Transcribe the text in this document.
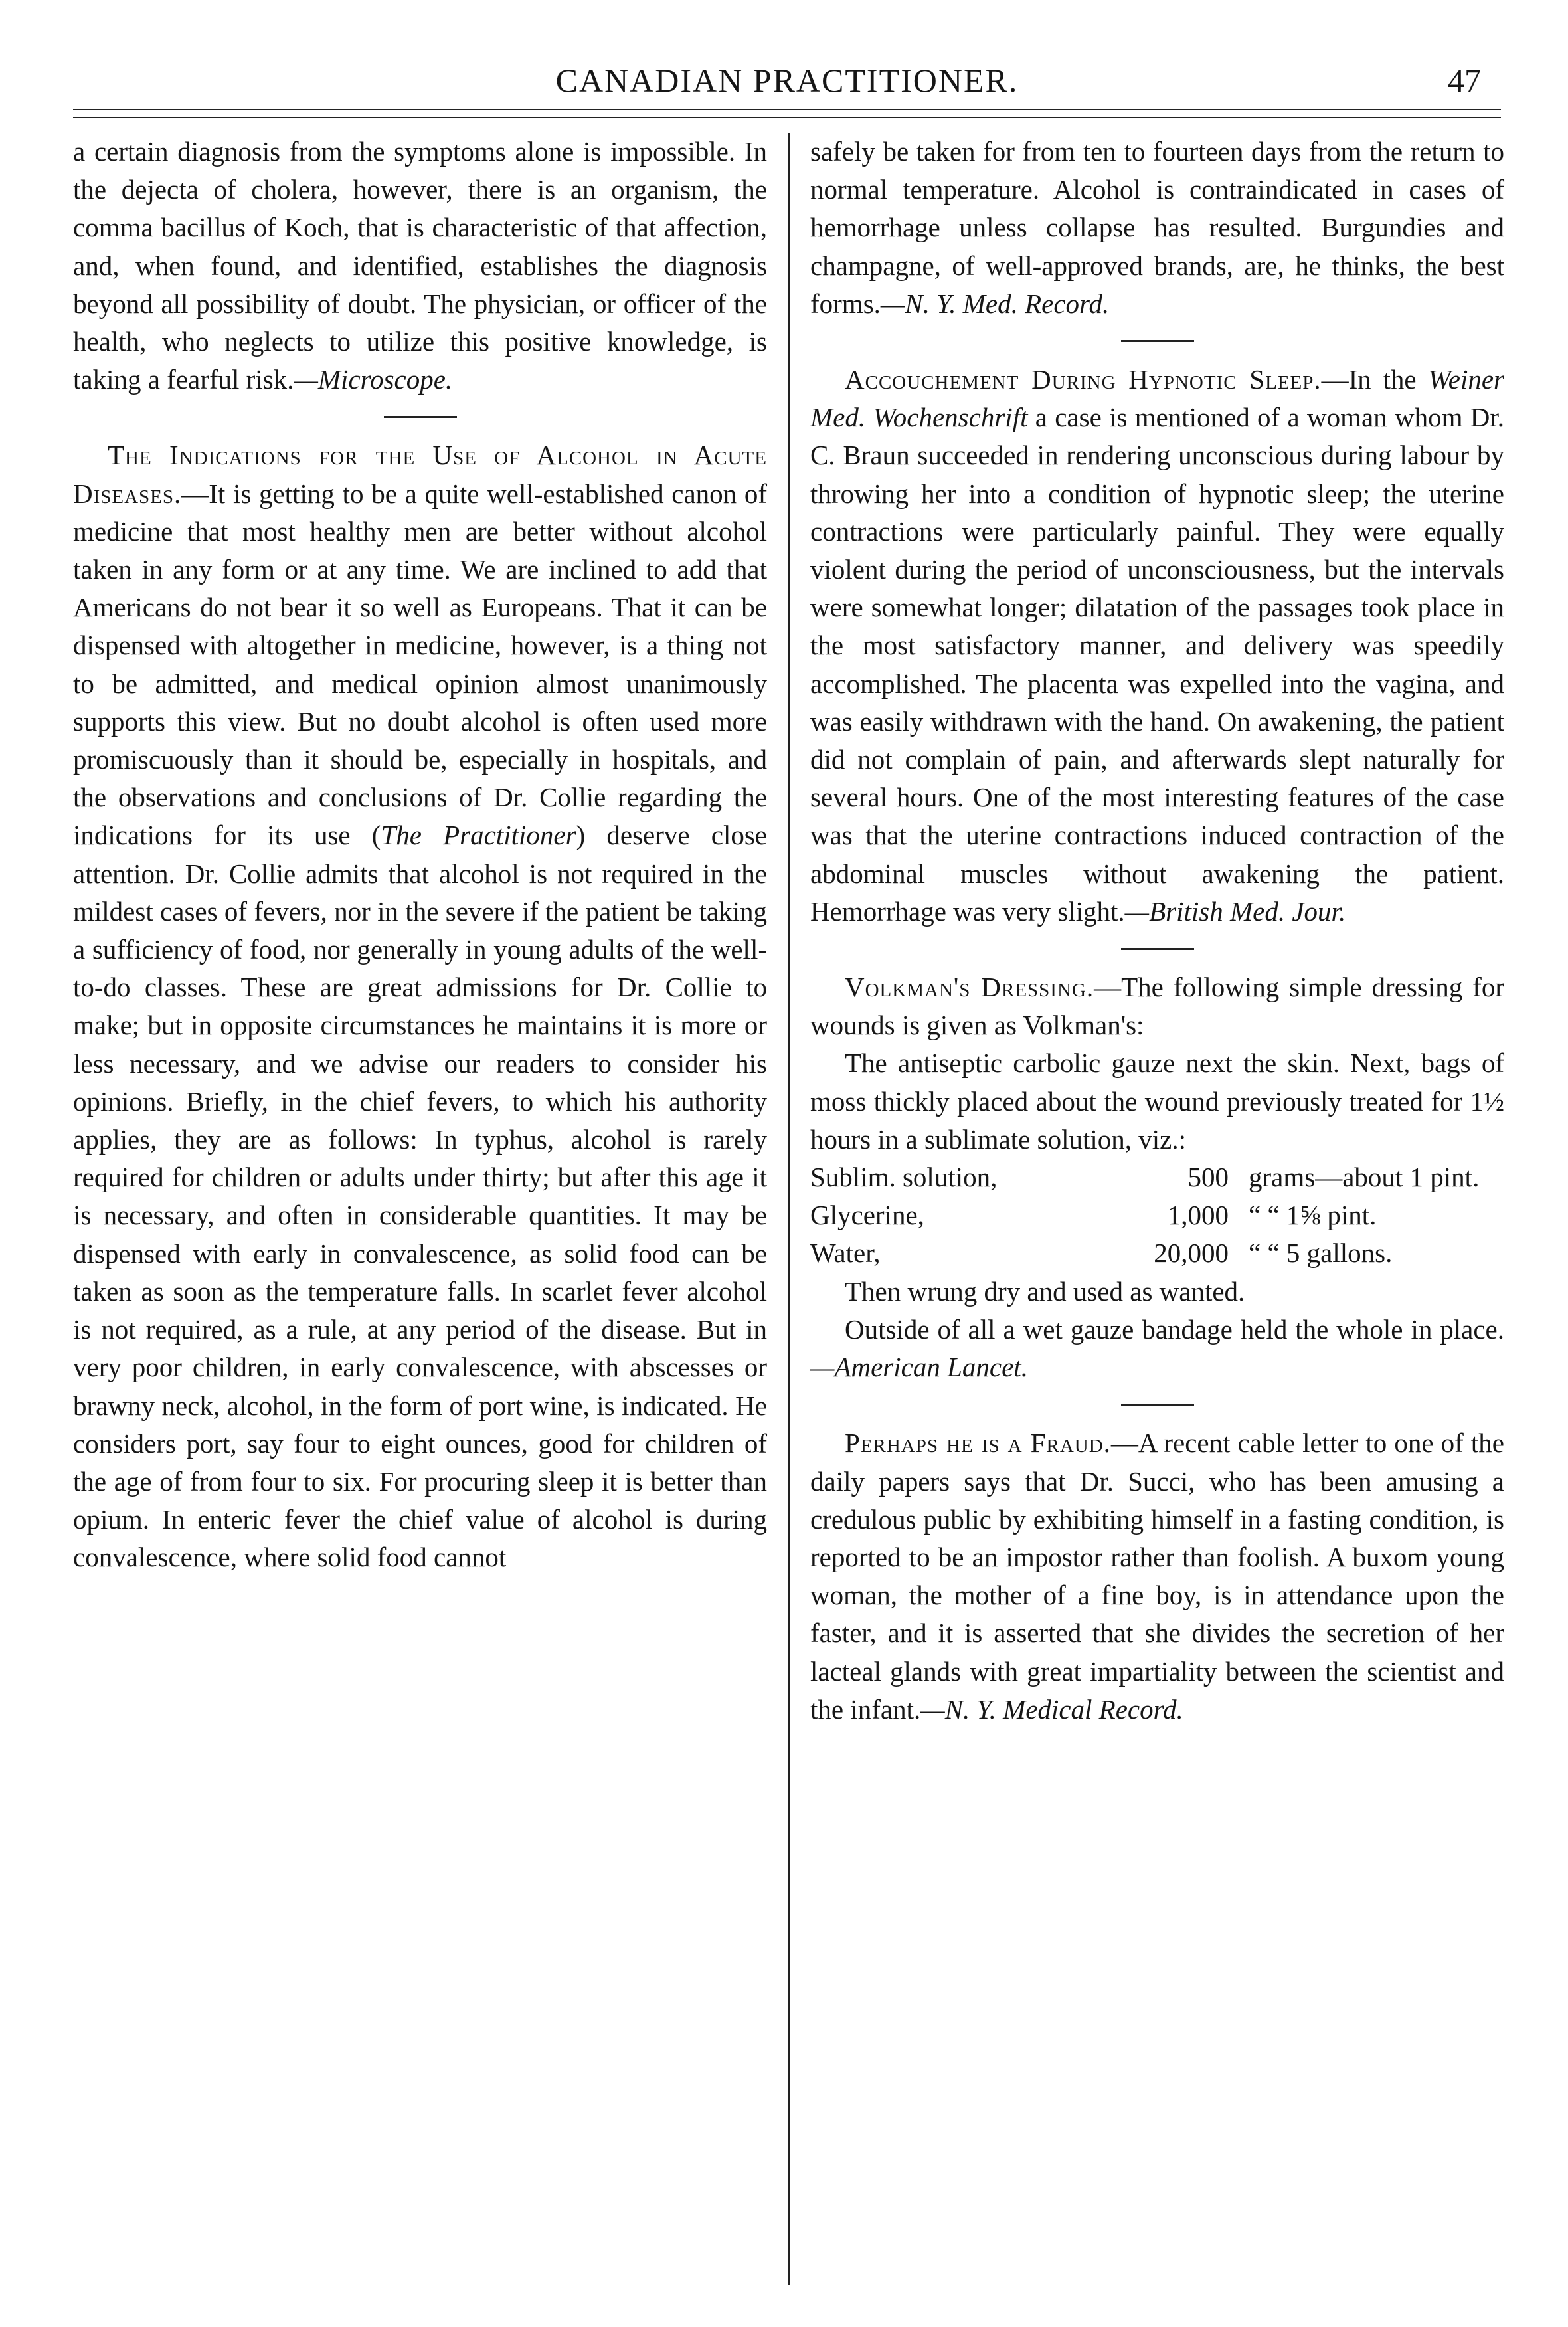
CANADIAN PRACTITIONER.	47

a certain diagnosis from the symptoms alone is impossible. In the dejecta of cholera, however, there is an organism, the comma bacillus of Koch, that is characteristic of that affection, and, when found, and identified, establishes the diagnosis beyond all possibility of doubt. The physician, or officer of the health, who neglects to utilize this positive knowledge, is taking a fearful risk.—Microscope.

The Indications for the Use of Alcohol in Acute Diseases.—It is getting to be a quite well-established canon of medicine that most healthy men are better without alcohol taken in any form or at any time. We are inclined to add that Americans do not bear it so well as Europeans. That it can be dispensed with altogether in medicine, however, is a thing not to be admitted, and medical opinion almost unanimously supports this view. But no doubt alcohol is often used more promiscuously than it should be, especially in hospitals, and the observations and conclusions of Dr. Collie regarding the indications for its use (The Practitioner) deserve close attention. Dr. Collie admits that alcohol is not required in the mildest cases of fevers, nor in the severe if the patient be taking a sufficiency of food, nor generally in young adults of the well-to-do classes. These are great admissions for Dr. Collie to make; but in opposite circumstances he maintains it is more or less necessary, and we advise our readers to consider his opinions. Briefly, in the chief fevers, to which his authority applies, they are as follows: In typhus, alcohol is rarely required for children or adults under thirty; but after this age it is necessary, and often in considerable quantities. It may be dispensed with early in convalescence, as solid food can be taken as soon as the temperature falls. In scarlet fever alcohol is not required, as a rule, at any period of the disease. But in very poor children, in early convalescence, with abscesses or brawny neck, alcohol, in the form of port wine, is indicated. He considers port, say four to eight ounces, good for children of the age of from four to six. For procuring sleep it is better than opium. In enteric fever the chief value of alcohol is during convalescence, where solid food cannot

safely be taken for from ten to fourteen days from the return to normal temperature. Alcohol is contraindicated in cases of hemorrhage unless collapse has resulted. Burgundies and champagne, of well-approved brands, are, he thinks, the best forms.—N. Y. Med. Record.

Accouchement During Hypnotic Sleep.—In the Weiner Med. Wochenschrift a case is mentioned of a woman whom Dr. C. Braun succeeded in rendering unconscious during labour by throwing her into a condition of hypnotic sleep; the uterine contractions were particularly painful. They were equally violent during the period of unconsciousness, but the intervals were somewhat longer; dilatation of the passages took place in the most satisfactory manner, and delivery was speedily accomplished. The placenta was expelled into the vagina, and was easily withdrawn with the hand. On awakening, the patient did not complain of pain, and afterwards slept naturally for several hours. One of the most interesting features of the case was that the uterine contractions induced contraction of the abdominal muscles without awakening the patient. Hemorrhage was very slight.—British Med. Jour.

Volkman's Dressing.—The following simple dressing for wounds is given as Volkman's:

The antiseptic carbolic gauze next the skin. Next, bags of moss thickly placed about the wound previously treated for 1½ hours in a sublimate solution, viz.:

Sublim. solution,	500 grams—about 1 pint.
Glycerine,	1,000 “ “ 1⅝ pint.
Water,	20,000 “ “ 5 gallons.

Then wrung dry and used as wanted.

Outside of all a wet gauze bandage held the whole in place.—American Lancet.

Perhaps he is a Fraud.—A recent cable letter to one of the daily papers says that Dr. Succi, who has been amusing a credulous public by exhibiting himself in a fasting condition, is reported to be an impostor rather than foolish. A buxom young woman, the mother of a fine boy, is in attendance upon the faster, and it is asserted that she divides the secretion of her lacteal glands with great impartiality between the scientist and the infant.—N. Y. Medical Record.
